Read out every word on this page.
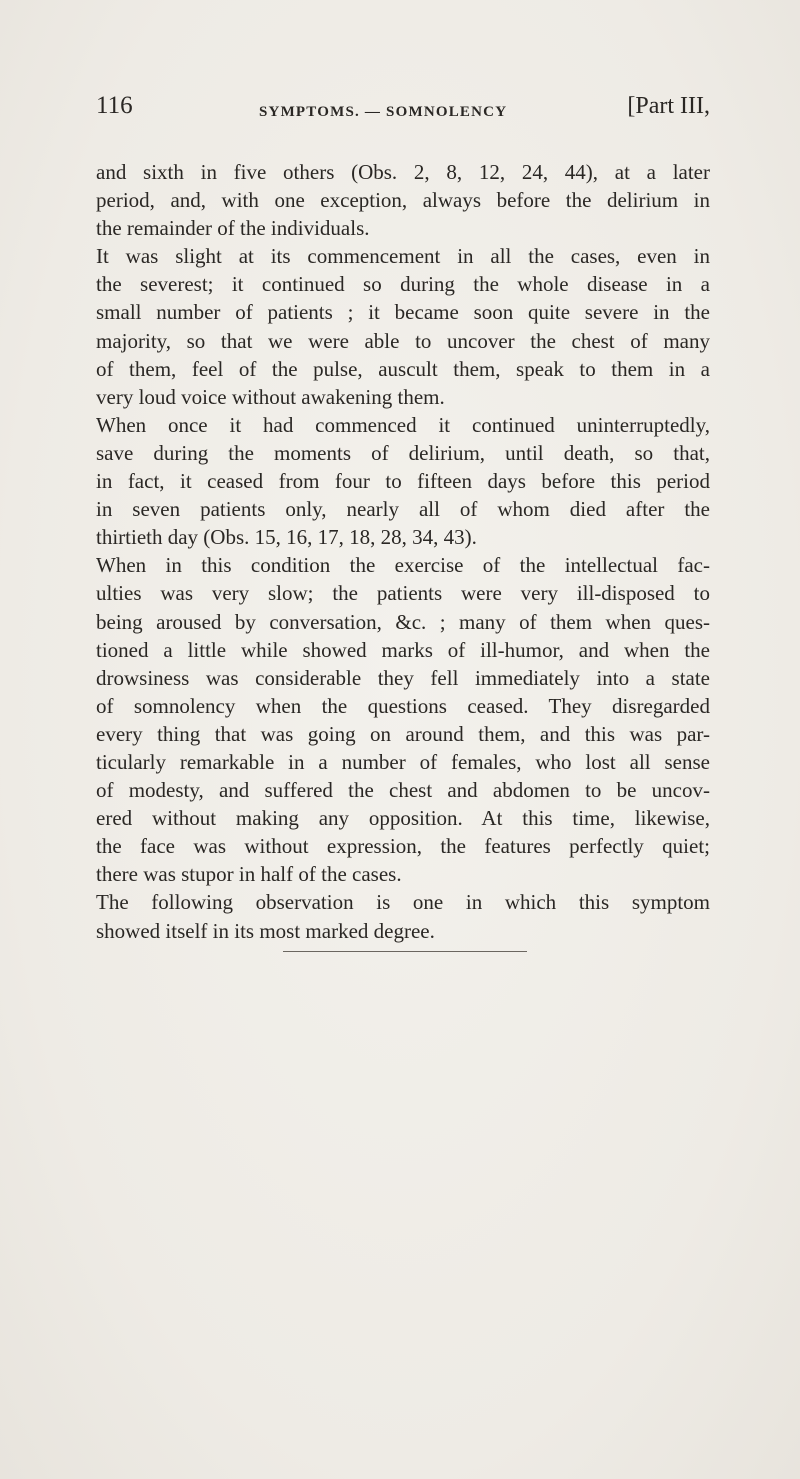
116	SYMPTOMS. — SOMNOLENCY	[Part III,

and sixth in five others (Obs. 2, 8, 12, 24, 44), at a later
period, and, with one exception, always before the delirium in
the remainder of the individuals.

It was slight at its commencement in all the cases, even in
the severest; it continued so during the whole disease in a
small number of patients ; it became soon quite severe in the
majority, so that we were able to uncover the chest of many
of them, feel of the pulse, auscult them, speak to them in a
very loud voice without awakening them.

When once it had commenced it continued uninterruptedly,
save during the moments of delirium, until death, so that,
in fact, it ceased from four to fifteen days before this period
in seven patients only, nearly all of whom died after the
thirtieth day (Obs. 15, 16, 17, 18, 28, 34, 43).

When in this condition the exercise of the intellectual fac-
ulties was very slow; the patients were very ill-disposed to
being aroused by conversation, &c. ; many of them when ques-
tioned a little while showed marks of ill-humor, and when the
drowsiness was considerable they fell immediately into a state
of somnolency when the questions ceased. They disregarded
every thing that was going on around them, and this was par-
ticularly remarkable in a number of females, who lost all sense
of modesty, and suffered the chest and abdomen to be uncov-
ered without making any opposition. At this time, likewise,
the face was without expression, the features perfectly quiet;
there was stupor in half of the cases.

The following observation is one in which this symptom
showed itself in its most marked degree.
